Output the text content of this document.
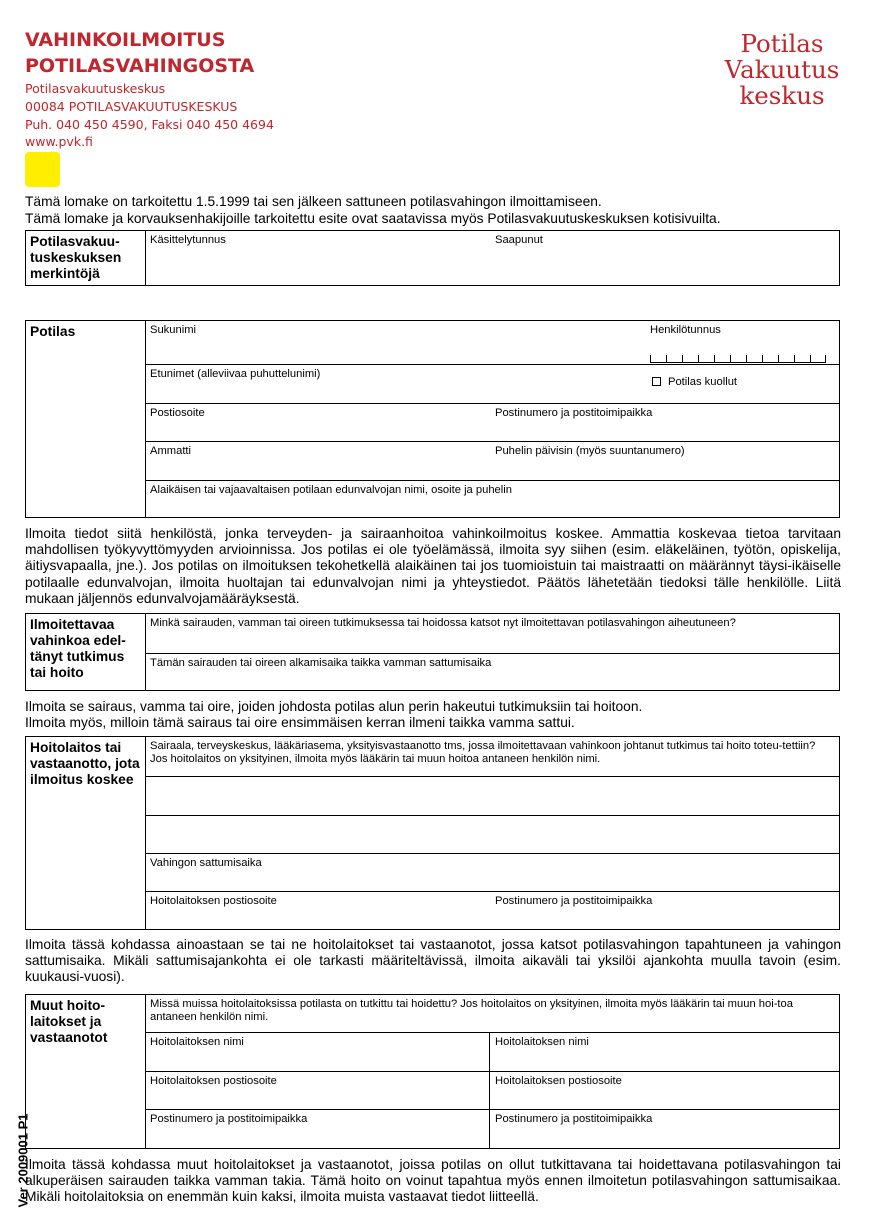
VAHINKOILMOITUS
POTILASVAHINGOSTA
Potilasvakuutuskeskus
00084 POTILASVAKUUTUSKESKUS
Puh. 040 450 4590, Faksi 040 450 4694
www.pvk.fi
Potilas
Vakuutus
keskus
Tämä lomake on tarkoitettu 1.5.1999 tai sen jälkeen sattuneen potilasvahingon ilmoittamiseen.
Tämä lomake ja korvauksenhakijoille tarkoitettu esite ovat saatavissa myös Potilasvakuutuskeskuksen kotisivuilta.
Potilasvakuu-tuskeskuksen merkintöjä
Käsittelytunnus	Saapunut
Potilas	Sukunimi	Henkilötunnus
Etunimet (alleviivaa puhuttelunimi)
Potilas kuollut
Postiosoite	Postinumero ja postitoimipaikka
Ammatti	Puhelin päivisin (myös suuntanumero)
Alaikäisen tai vajaavaltaisen potilaan edunvalvojan nimi, osoite ja puhelin
Ilmoita tiedot siitä henkilöstä, jonka terveyden- ja sairaanhoitoa vahinkoilmoitus koskee. Ammattia koskevaa tietoa tarvitaan mahdollisen työkyvyttömyyden arvioinnissa. Jos potilas ei ole työelämässä, ilmoita syy siihen (esim. eläkeläinen, työtön, opiskelija, äitiysvapaalla, jne.). Jos potilas on ilmoituksen tekohetkellä alaikäinen tai jos tuomioistuin tai maistraatti on määrännyt täysi-ikäiselle potilaalle edunvalvojan, ilmoita huoltajan tai edunvalvojan nimi ja yhteystiedot. Päätös lähetetään tiedoksi tälle henkilölle. Liitä mukaan jäljennös edunvalvojamääräyksestä.
Ilmoitettavaa vahinkoa edel-tänyt tutkimus tai hoito
Minkä sairauden, vamman tai oireen tutkimuksessa tai hoidossa katsot nyt ilmoitettavan potilasvahingon aiheutuneen?
Tämän sairauden tai oireen alkamisaika taikka vamman sattumisaika
Ilmoita se sairaus, vamma tai oire, joiden johdosta potilas alun perin hakeutui tutkimuksiin tai hoitoon.
Ilmoita myös, milloin tämä sairaus tai oire ensimmäisen kerran ilmeni taikka vamma sattui.
Hoitolaitos tai vastaanotto, jota ilmoitus koskee
Sairaala, terveyskeskus, lääkäriasema, yksityisvastaanotto tms, jossa ilmoitettavaan vahinkoon johtanut tutkimus tai hoito toteu-tettiin? Jos hoitolaitos on yksityinen, ilmoita myös lääkärin tai muun hoitoa antaneen henkilön nimi.
Vahingon sattumisaika
Hoitolaitoksen postiosoite	Postinumero ja postitoimipaikka
Ilmoita tässä kohdassa ainoastaan se tai ne hoitolaitokset tai vastaanotot, jossa katsot potilasvahingon tapahtuneen ja vahingon sattumisaika. Mikäli sattumisajankohta ei ole tarkasti määriteltävissä, ilmoita aikaväli tai yksilöi ajankohta muulla tavoin (esim. kuukausi-vuosi).
Muut hoito-laitokset ja vastaanotot
Missä muissa hoitolaitoksissa potilasta on tutkittu tai hoidettu? Jos hoitolaitos on yksityinen, ilmoita myös lääkärin tai muun hoi-toa antaneen henkilön nimi.
Hoitolaitoksen nimi	Hoitolaitoksen nimi
Hoitolaitoksen postiosoite	Hoitolaitoksen postiosoite
Postinumero ja postitoimipaikka	Postinumero ja postitoimipaikka
Ilmoita tässä kohdassa muut hoitolaitokset ja vastaanotot, joissa potilas on ollut tutkittavana tai hoidettavana potilasvahingon tai alkuperäisen sairauden taikka vamman takia. Tämä hoito on voinut tapahtua myös ennen ilmoitetun potilasvahingon sattumisaikaa. Mikäli hoitolaitoksia on enemmän kuin kaksi, ilmoita muista vastaavat tiedot liitteellä.
Ver 2009001 P1
